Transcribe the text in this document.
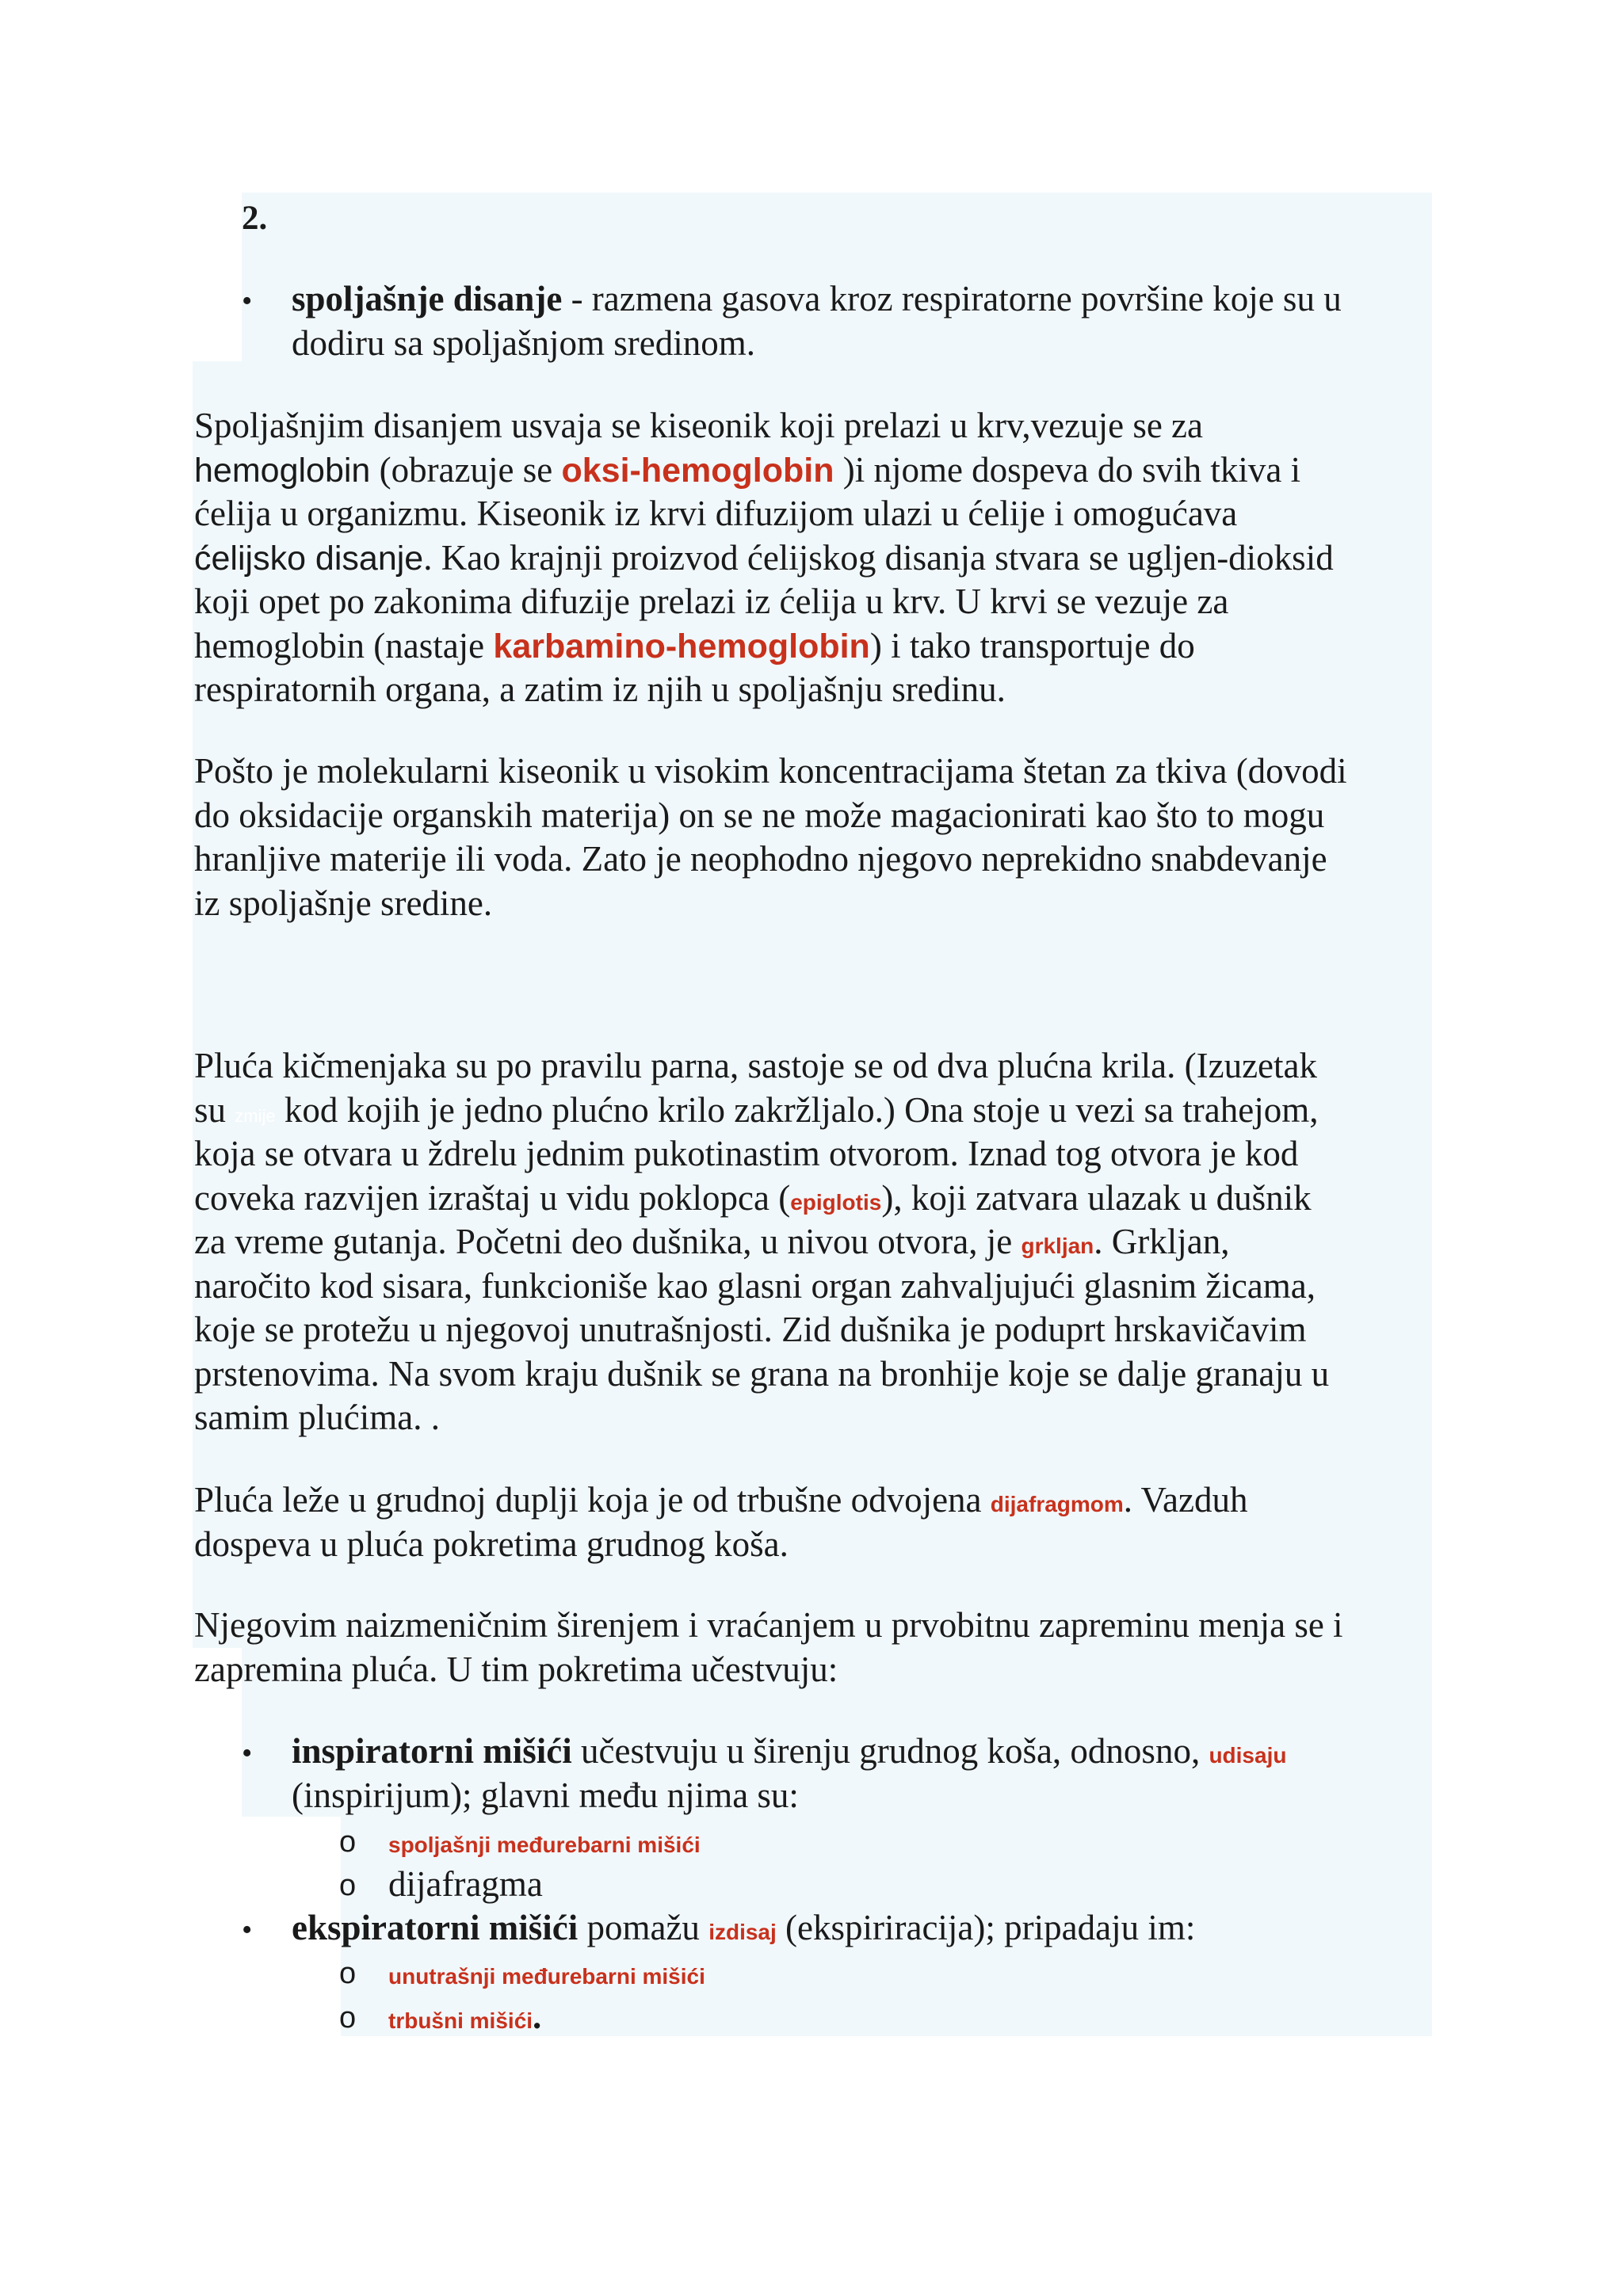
2.
• spoljašnje disanje - razmena gasova kroz respiratorne površine koje su u
dodiru sa spoljašnjom sredinom.
Spoljašnjim disanjem usvaja se kiseonik koji prelazi u krv,vezuje se za
hemoglobin (obrazuje se oksi-hemoglobin )i njome dospeva do svih tkiva i
ćelija u organizmu. Kiseonik iz krvi difuzijom ulazi u ćelije i omogućava
ćelijsko disanje. Kao krajnji proizvod ćelijskog disanja stvara se ugljen-dioksid
koji opet po zakonima difuzije prelazi iz ćelija u krv. U krvi se vezuje za
hemoglobin (nastaje karbamino-hemoglobin) i tako transportuje do
respiratornih organa, a zatim iz njih u spoljašnju sredinu.
Pošto je molekularni kiseonik u visokim koncentracijama štetan za tkiva (dovodi
do oksidacije organskih materija) on se ne može magacionirati kao što to mogu
hranljive materije ili voda. Zato je neophodno njegovo neprekidno snabdevanje
iz spoljašnje sredine.
Pluća kičmenjaka su po pravilu parna, sastoje se od dva plućna krila. (Izuzetak
su zmije kod kojih je jedno plućno krilo zakržljalo.) Ona stoje u vezi sa trahejom,
koja se otvara u ždrelu jednim pukotinastim otvorom. Iznad tog otvora je kod
coveka razvijen izraštaj u vidu poklopca (epiglotis), koji zatvara ulazak u dušnik
za vreme gutanja. Početni deo dušnika, u nivou otvora, je grkljan. Grkljan,
naročito kod sisara, funkcioniše kao glasni organ zahvaljujući glasnim žicama,
koje se protežu u njegovoj unutrašnjosti. Zid dušnika je poduprt hrskavičavim
prstenovima. Na svom kraju dušnik se grana na bronhije koje se dalje granaju u
samim plućima. .
Pluća leže u grudnoj duplji koja je od trbušne odvojena dijafragmom. Vazduh
dospeva u pluća pokretima grudnog koša.
Njegovim naizmeničnim širenjem i vraćanjem u prvobitnu zapreminu menja se i
zapremina pluća. U tim pokretima učestvuju:
• inspiratorni mišići učestvuju u širenju grudnog koša, odnosno, udisaju
(inspirijum); glavni među njima su:
o spoljašnji međurebarni mišići
o dijafragma
• ekspiratorni mišići pomažu izdisaj (ekspiriracija); pripadaju im:
o unutrašnji međurebarni mišići
o trbušni mišići.
